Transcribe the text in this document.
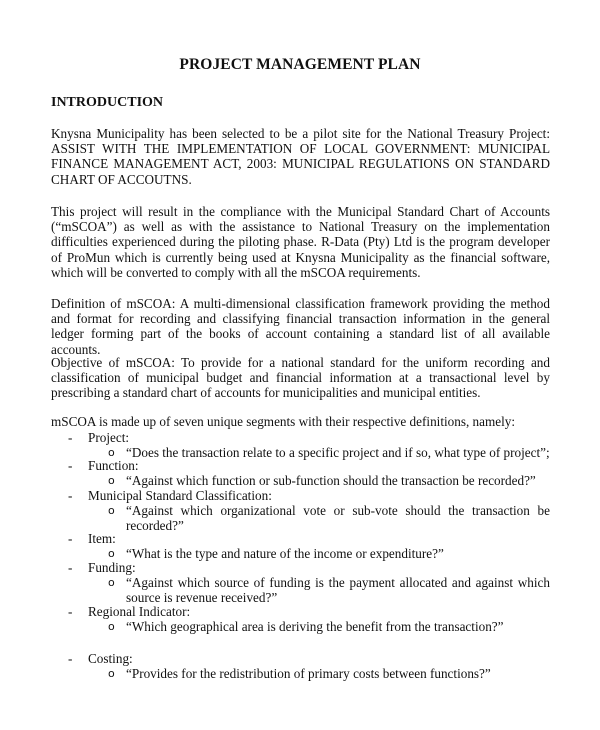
PROJECT MANAGEMENT PLAN
INTRODUCTION

Knysna Municipality has been selected to be a pilot site for the National Treasury Project: ASSIST WITH THE IMPLEMENTATION OF LOCAL GOVERNMENT: MUNICIPAL FINANCE MANAGEMENT ACT, 2003: MUNICIPAL REGULATIONS ON STANDARD CHART OF ACCOUTNS.

This project will result in the compliance with the Municipal Standard Chart of Accounts (“mSCOA”) as well as with the assistance to National Treasury on the implementation difficulties experienced during the piloting phase. R-Data (Pty) Ltd is the program developer of ProMun which is currently being used at Knysna Municipality as the financial software, which will be converted to comply with all the mSCOA requirements.

Definition of mSCOA: A multi-dimensional classification framework providing the method and format for recording and classifying financial transaction information in the general ledger forming part of the books of account containing a standard list of all available accounts.

Objective of mSCOA: To provide for a national standard for the uniform recording and classification of municipal budget and financial information at a transactional level by prescribing a standard chart of accounts for municipalities and municipal entities.

mSCOA is made up of seven unique segments with their respective definitions, namely:

- Project:
o “Does the transaction relate to a specific project and if so, what type of project”;
- Function:
o “Against which function or sub-function should the transaction be recorded?”
- Municipal Standard Classification:
o “Against which organizational vote or sub-vote should the transaction be recorded?”
- Item:
o “What is the type and nature of the income or expenditure?”
- Funding:
o “Against which source of funding is the payment allocated and against which source is revenue received?”
- Regional Indicator:
o “Which geographical area is deriving the benefit from the transaction?”
- Costing:
o “Provides for the redistribution of primary costs between functions?”
